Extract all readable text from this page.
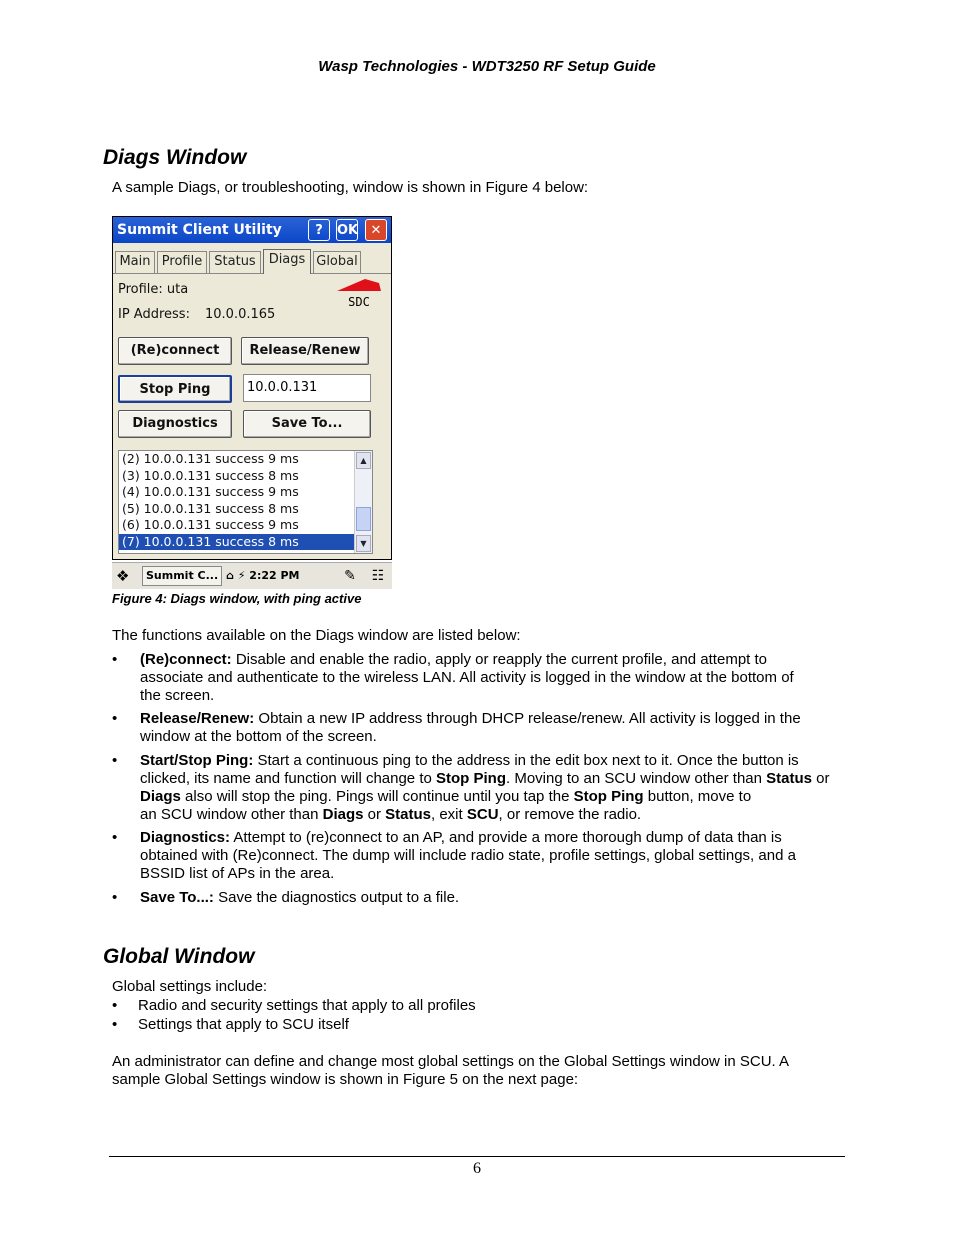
Wasp Technologies - WDT3250 RF Setup Guide
Diags Window
A sample Diags, or troubleshooting, window is shown in Figure 4 below:
Summit Client Utility	?	OK ✕
Main Profile Status Diags Global
Profile: uta
IP Address: 10.0.0.165
SDC
(Re)connect	Release/Renew
Stop Ping	10.0.0.131
Diagnostics	Save To...
(2) 10.0.0.131 success 9 ms
(3) 10.0.0.131 success 8 ms
(4) 10.0.0.131 success 9 ms
(5) 10.0.0.131 success 8 ms
(6) 10.0.0.131 success 9 ms
(7) 10.0.0.131 success 8 ms
▲
▼
❖	Summit C... ⌂ ⚡ 2:22 PM	✎ ☷
Figure 4: Diags window, with ping active
The functions available on the Diags window are listed below:
• (Re)connect: Disable and enable the radio, apply or reapply the current profile, and attempt to
associate and authenticate to the wireless LAN. All activity is logged in the window at the bottom of
the screen.
• Release/Renew: Obtain a new IP address through DHCP release/renew. All activity is logged in the
window at the bottom of the screen.
• Start/Stop Ping: Start a continuous ping to the address in the edit box next to it. Once the button is
clicked, its name and function will change to Stop Ping. Moving to an SCU window other than Status or
Diags also will stop the ping. Pings will continue until you tap the Stop Ping button, move to
an SCU window other than Diags or Status, exit SCU, or remove the radio.
• Diagnostics: Attempt to (re)connect to an AP, and provide a more thorough dump of data than is
obtained with (Re)connect. The dump will include radio state, profile settings, global settings, and a
BSSID list of APs in the area.
• Save To...: Save the diagnostics output to a file.
Global Window
Global settings include:
• Radio and security settings that apply to all profiles
• Settings that apply to SCU itself
An administrator can define and change most global settings on the Global Settings window in SCU. A
sample Global Settings window is shown in Figure 5 on the next page:
6
